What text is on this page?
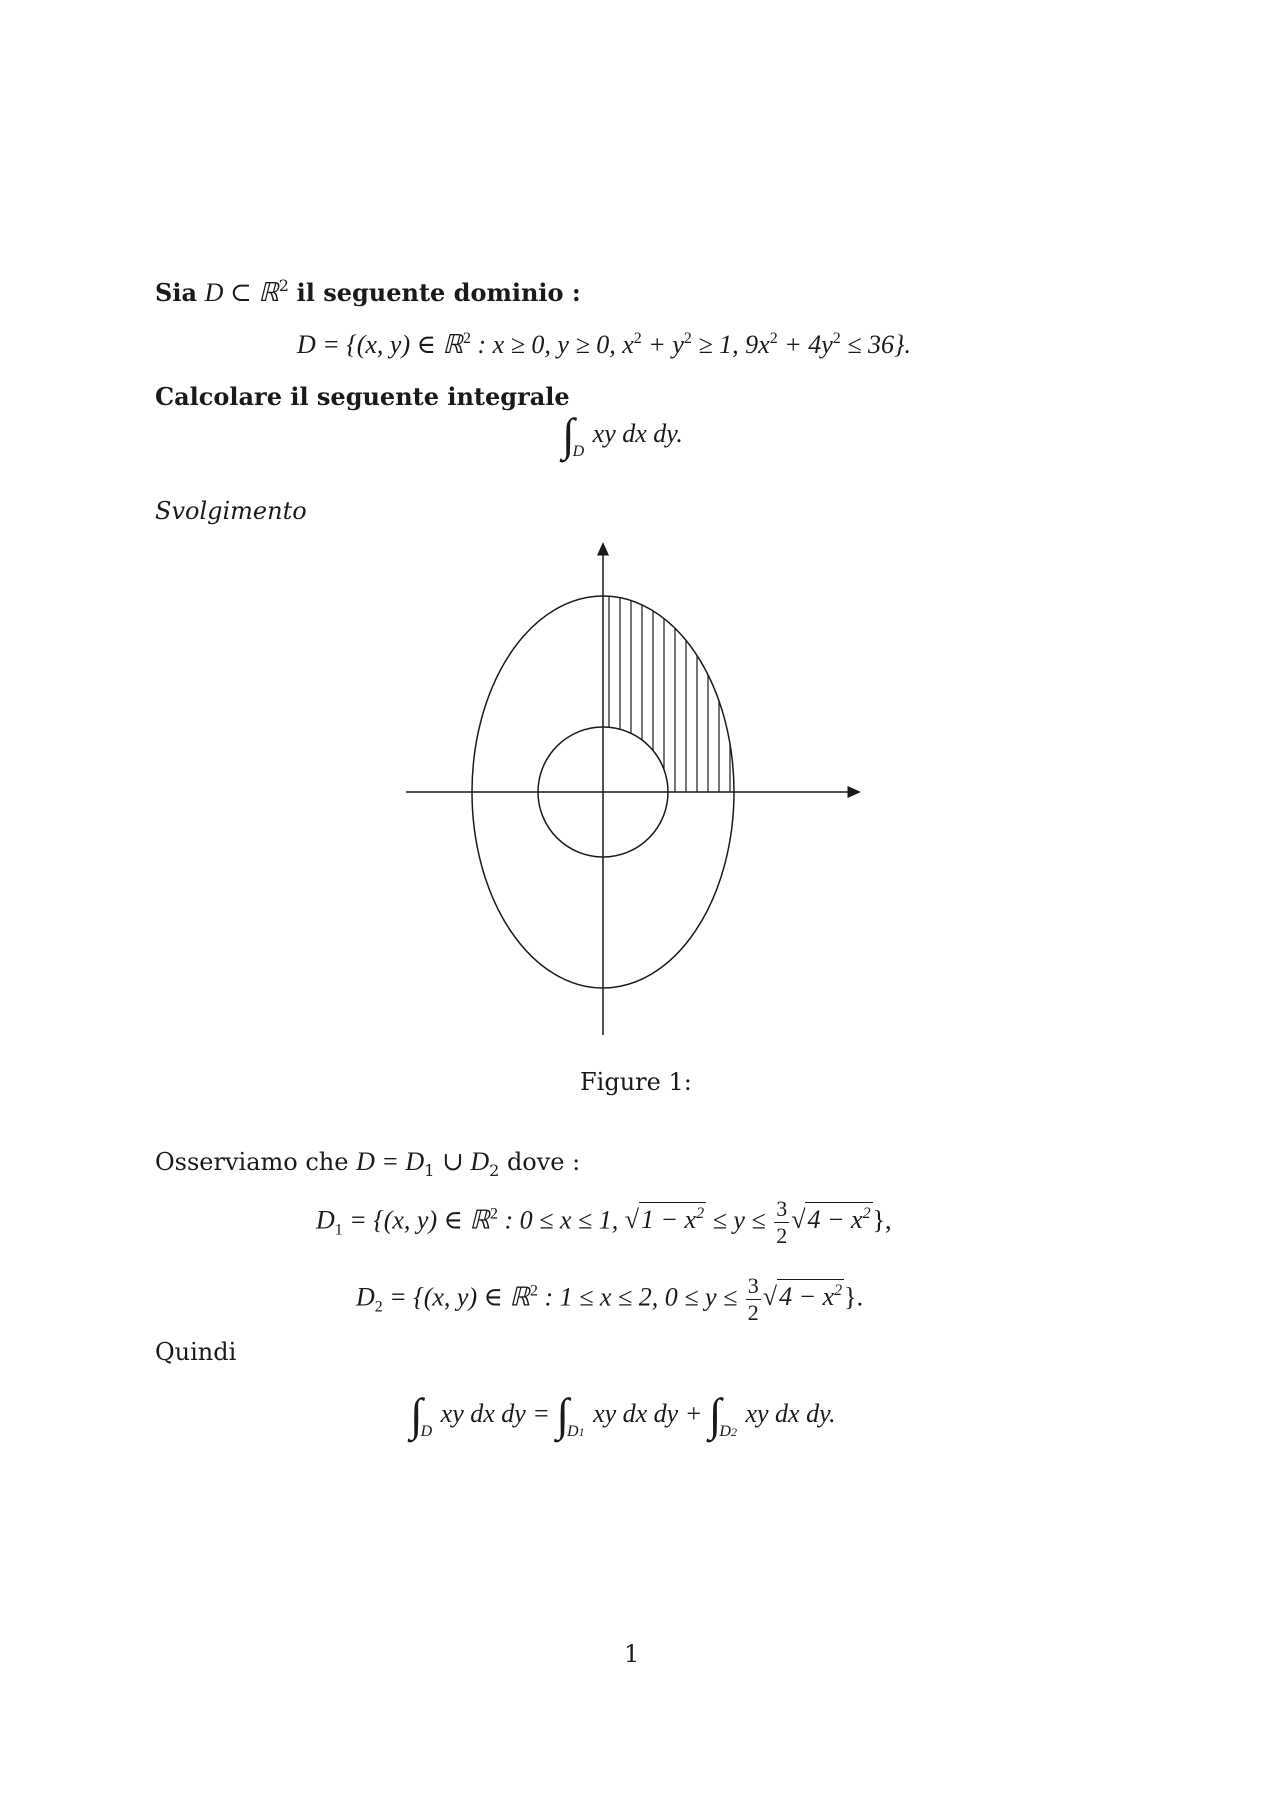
Sia D ⊂ ℝ$^2$ il seguente dominio :
D = {(x, y) ∈ ℝ$^2$ : x ≥ 0, y ≥ 0, $x^2 + y^2 \ge 1$, $9x^2 + 4y^2 \le 36$}.
Calcolare il seguente integrale
$\int_D$ xy dx dy.
Svolgimento
Figure 1:
Osserviamo che $D = D_1$ ∪ $D_2$ dove :
$D_1 = \{(x$, y) ∈ ℝ$^2$ : 0 ≤ x ≤ 1, $√1 - x^2 \le y \le \frac{3}{2} √4 - x^2$},
$D_2 = \{(x$, y) ∈ ℝ$^2$ : 1 ≤ x ≤ 2, $0 \le y \le \frac{3}{2} √4 - x^2$}.
Quindi
$\int_D$ xy dx dy = $\int_{D1}$ xy dx dy + $\int_{D2}$ xy dx dy.
1
